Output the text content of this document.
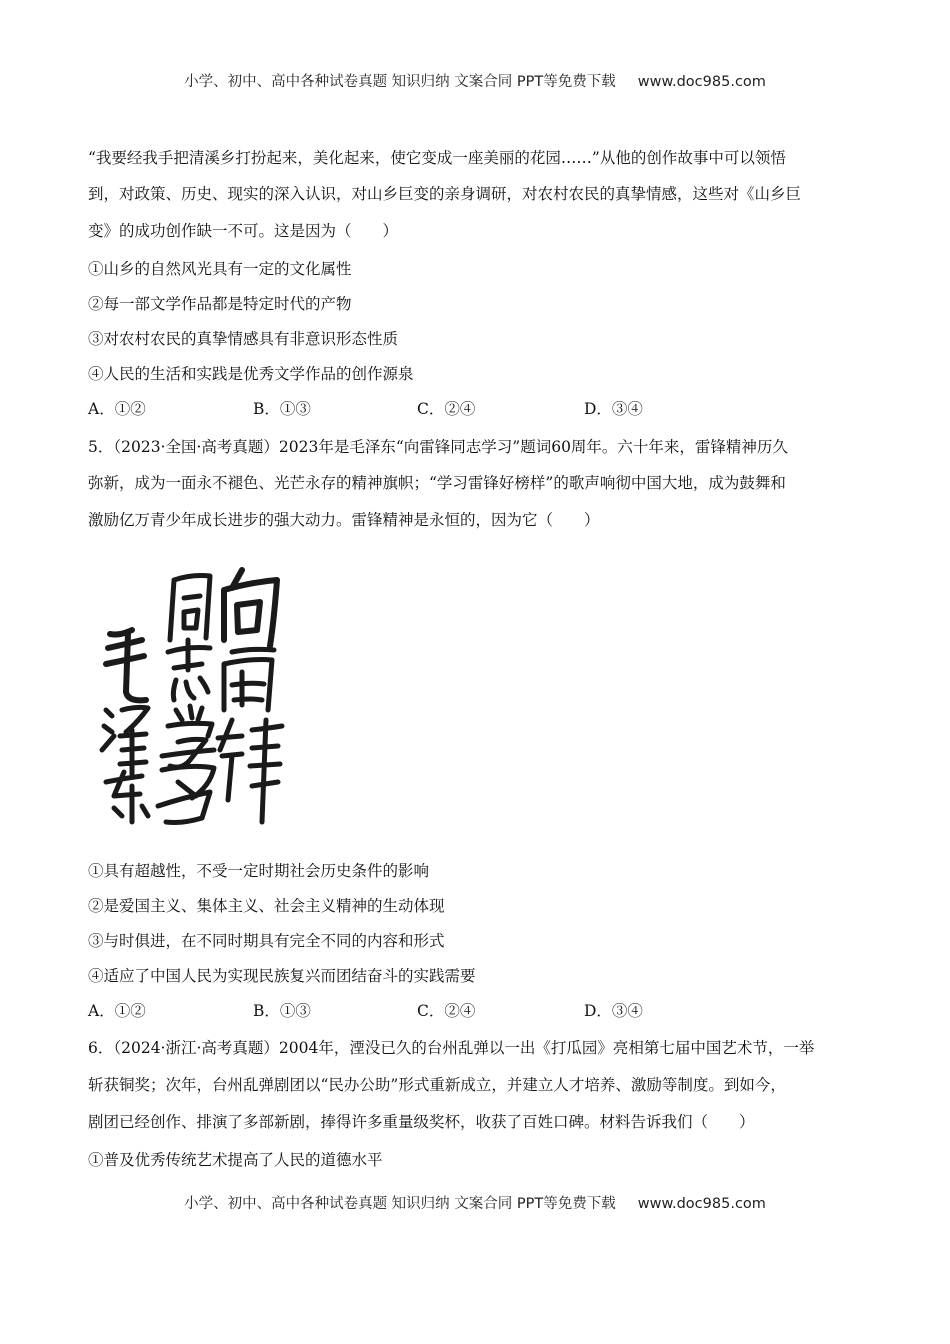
小学、初中、高中各种试卷真题 知识归纳 文案合同 PPT等免费下载 www.doc985.com
“我要经我手把清溪乡打扮起来，美化起来，使它变成一座美丽的花园……”从他的创作故事中可以领悟
到，对政策、历史、现实的深入认识，对山乡巨变的亲身调研，对农村农民的真挚情感，这些对《山乡巨
变》的成功创作缺一不可。这是因为（　　）
①山乡的自然风光具有一定的文化属性
②每一部文学作品都是特定时代的产物
③对农村农民的真挚情感具有非意识形态性质
④人民的生活和实践是优秀文学作品的创作源泉
A．①②	B．①③	C．②④	D．③④
5．（2023·全国·高考真题）2023年是毛泽东“向雷锋同志学习”题词60周年。六十年来，雷锋精神历久
弥新，成为一面永不褪色、光芒永存的精神旗帜；“学习雷锋好榜样”的歌声响彻中国大地，成为鼓舞和
激励亿万青少年成长进步的强大动力。雷锋精神是永恒的，因为它（　　）
①具有超越性，不受一定时期社会历史条件的影响
②是爱国主义、集体主义、社会主义精神的生动体现
③与时俱进，在不同时期具有完全不同的内容和形式
④适应了中国人民为实现民族复兴而团结奋斗的实践需要
A．①②	B．①③	C．②④	D．③④
6．（2024·浙江·高考真题）2004年，湮没已久的台州乱弹以一出《打瓜园》亮相第七届中国艺术节，一举
斩获铜奖；次年，台州乱弹剧团以“民办公助”形式重新成立，并建立人才培养、激励等制度。到如今，
剧团已经创作、排演了多部新剧，捧得许多重量级奖杯，收获了百姓口碑。材料告诉我们（　　）
①普及优秀传统艺术提高了人民的道德水平
小学、初中、高中各种试卷真题 知识归纳 文案合同 PPT等免费下载 www.doc985.com
